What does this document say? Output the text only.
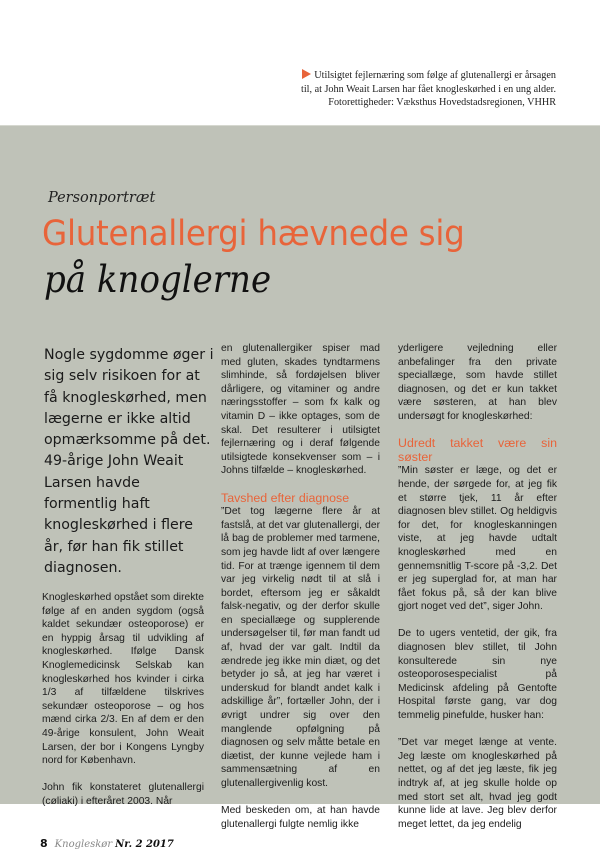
Utilsigtet fejlernæring som følge af glutenallergi er årsagen
til, at John Weait Larsen har fået knogleskørhed i en ung alder.
Fotorettigheder: Væksthus Hovedstadsregionen, VHHR
Personportræt
Glutenallergi hævnede sig
på knoglerne

Nogle sygdomme øger i sig selv risikoen for at få knogleskørhed, men lægerne er ikke altid opmærksomme på det. 49-årige John Weait Larsen havde formentlig haft knogleskørhed i flere år, før han fik stillet diagnosen.

Knogleskørhed opstået som direkte følge af en anden sygdom (også kaldet sekundær osteoporose) er en hyppig årsag til udvikling af knogleskørhed. Ifølge Dansk Knoglemedicinsk Selskab kan knogleskørhed hos kvinder i cirka 1/3 af tilfældene tilskrives sekundær osteoporose – og hos mænd cirka 2/3. En af dem er den 49-årige konsulent, John Weait Larsen, der bor i Kongens Lyngby nord for København.

John fik konstateret glutenallergi (cøliaki) i efteråret 2003. Når

en glutenallergiker spiser mad med gluten, skades tyndtarmens slimhinde, så fordøjelsen bliver dårligere, og vitaminer og andre næringsstoffer – som fx kalk og vitamin D – ikke optages, som de skal. Det resulterer i utilsigtet fejlernæring og i deraf følgende utilsigtede konsekvenser som – i Johns tilfælde – knogleskørhed.

Tavshed efter diagnose

”Det tog lægerne flere år at fastslå, at det var glutenallergi, der lå bag de problemer med tarmene, som jeg havde lidt af over længere tid. For at trænge igennem til dem var jeg virkelig nødt til at slå i bordet, eftersom jeg er såkaldt falsk-negativ, og der derfor skulle en speciallæge og supplerende undersøgelser til, før man fandt ud af, hvad der var galt. Indtil da ændrede jeg ikke min diæt, og det betyder jo så, at jeg har været i underskud for blandt andet kalk i adskillige år”, fortæller John, der i øvrigt undrer sig over den manglende opfølgning på diagnosen og selv måtte betale en diætist, der kunne vejlede ham i sammensætning af en glutenallergivenlig kost.

Med beskeden om, at han havde glutenallergi fulgte nemlig ikke

yderligere vejledning eller anbefalinger fra den private speciallæge, som havde stillet diagnosen, og det er kun takket være søsteren, at han blev undersøgt for knogleskørhed:

Udredt takket være sin søster

”Min søster er læge, og det er hende, der sørgede for, at jeg fik et større tjek, 11 år efter diagnosen blev stillet. Og heldigvis for det, for knogleskanningen viste, at jeg havde udtalt knogleskørhed med en gennemsnitlig T-score på -3,2. Det er jeg superglad for, at man har fået fokus på, så der kan blive gjort noget ved det”, siger John.

De to ugers ventetid, der gik, fra diagnosen blev stillet, til John konsulterede sin nye osteoporosespecialist på Medicinsk afdeling på Gentofte Hospital første gang, var dog temmelig pinefulde, husker han:

”Det var meget længe at vente. Jeg læste om knogleskørhed på nettet, og af det jeg læste, fik jeg indtryk af, at jeg skulle holde op med stort set alt, hvad jeg godt kunne lide at lave. Jeg blev derfor meget lettet, da jeg endelig

8 Knogleskør Nr. 2 2017
